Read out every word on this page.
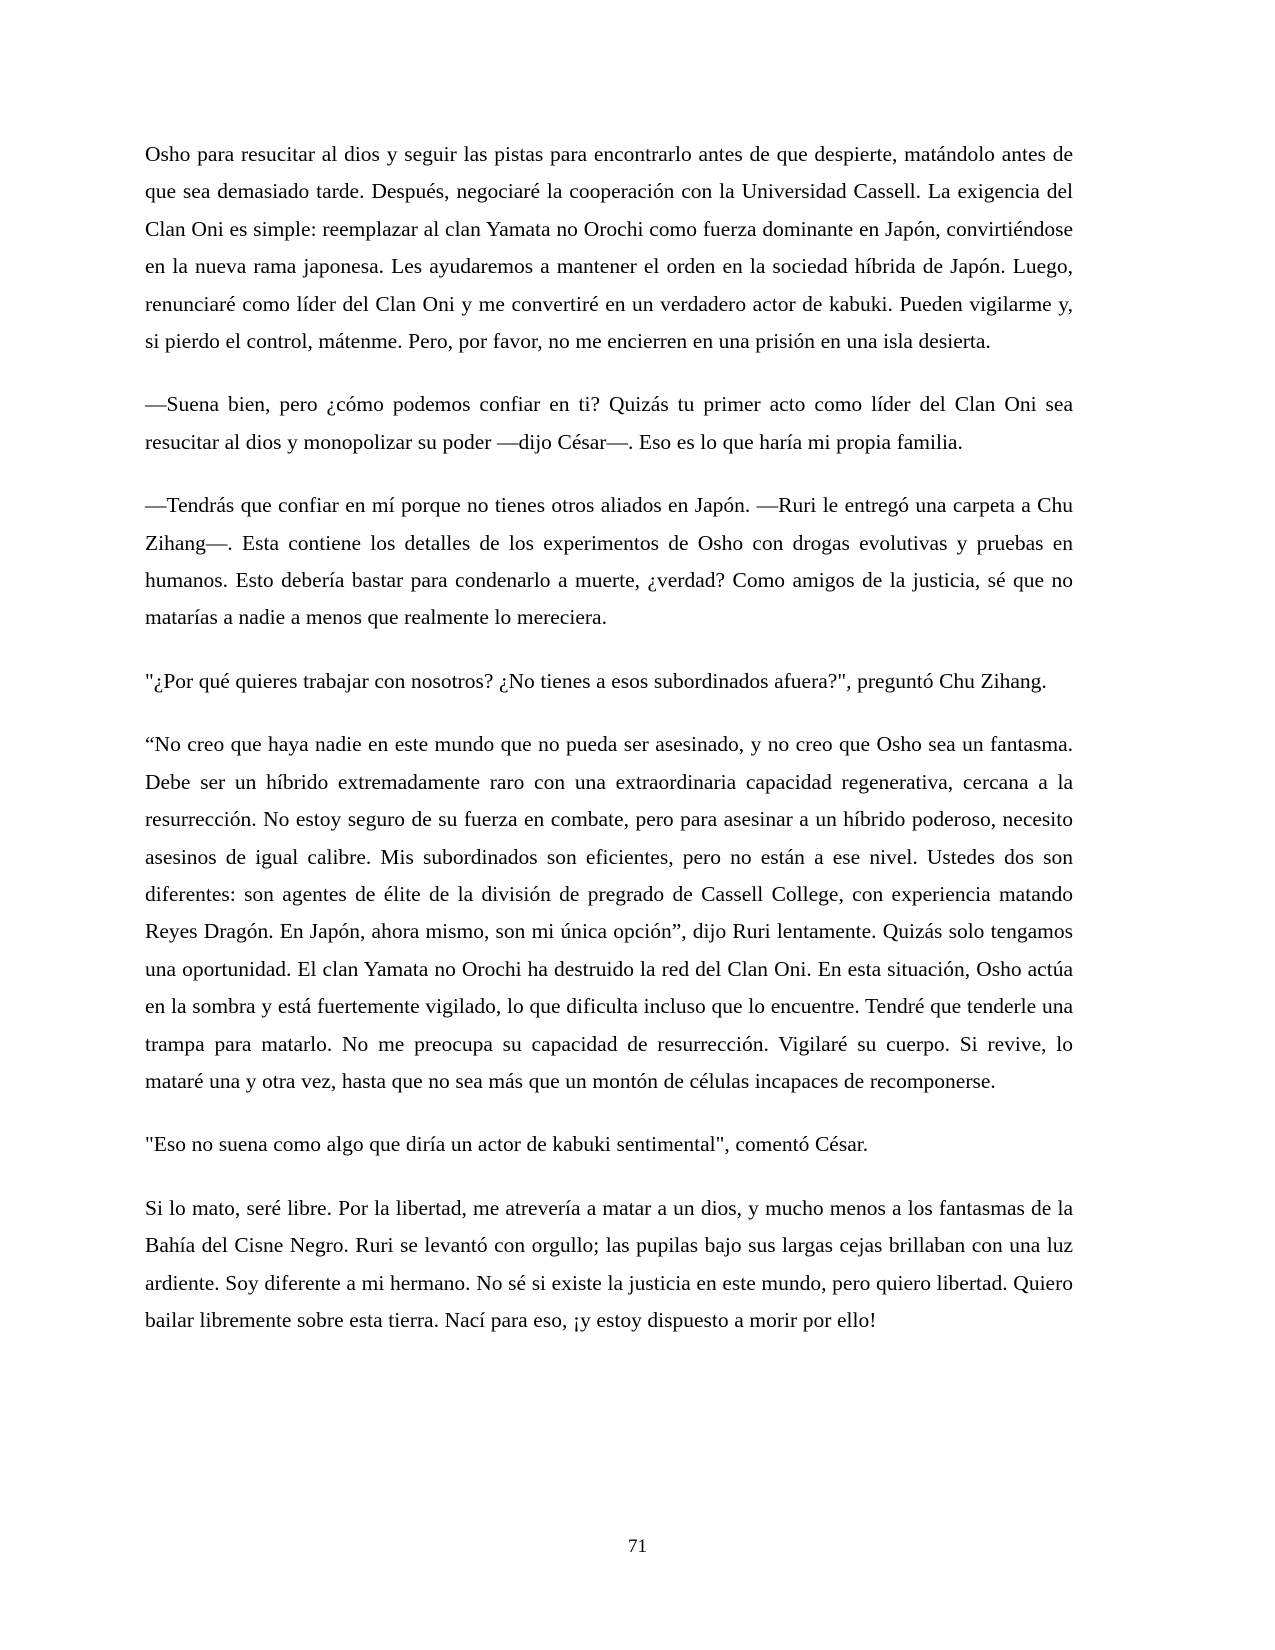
Osho para resucitar al dios y seguir las pistas para encontrarlo antes de que despierte, matándolo antes de que sea demasiado tarde. Después, negociaré la cooperación con la Universidad Cassell. La exigencia del Clan Oni es simple: reemplazar al clan Yamata no Orochi como fuerza dominante en Japón, convirtiéndose en la nueva rama japonesa. Les ayudaremos a mantener el orden en la sociedad híbrida de Japón. Luego, renunciaré como líder del Clan Oni y me convertiré en un verdadero actor de kabuki. Pueden vigilarme y, si pierdo el control, mátenme. Pero, por favor, no me encierren en una prisión en una isla desierta.

—Suena bien, pero ¿cómo podemos confiar en ti? Quizás tu primer acto como líder del Clan Oni sea resucitar al dios y monopolizar su poder —dijo César—. Eso es lo que haría mi propia familia.

—Tendrás que confiar en mí porque no tienes otros aliados en Japón. —Ruri le entregó una carpeta a Chu Zihang—. Esta contiene los detalles de los experimentos de Osho con drogas evolutivas y pruebas en humanos. Esto debería bastar para condenarlo a muerte, ¿verdad? Como amigos de la justicia, sé que no matarías a nadie a menos que realmente lo mereciera.

"¿Por qué quieres trabajar con nosotros? ¿No tienes a esos subordinados afuera?", preguntó Chu Zihang.

“No creo que haya nadie en este mundo que no pueda ser asesinado, y no creo que Osho sea un fantasma. Debe ser un híbrido extremadamente raro con una extraordinaria capacidad regenerativa, cercana a la resurrección. No estoy seguro de su fuerza en combate, pero para asesinar a un híbrido poderoso, necesito asesinos de igual calibre. Mis subordinados son eficientes, pero no están a ese nivel. Ustedes dos son diferentes: son agentes de élite de la división de pregrado de Cassell College, con experiencia matando Reyes Dragón. En Japón, ahora mismo, son mi única opción”, dijo Ruri lentamente. Quizás solo tengamos una oportunidad. El clan Yamata no Orochi ha destruido la red del Clan Oni. En esta situación, Osho actúa en la sombra y está fuertemente vigilado, lo que dificulta incluso que lo encuentre. Tendré que tenderle una trampa para matarlo. No me preocupa su capacidad de resurrección. Vigilaré su cuerpo. Si revive, lo mataré una y otra vez, hasta que no sea más que un montón de células incapaces de recomponerse.

"Eso no suena como algo que diría un actor de kabuki sentimental", comentó César.

Si lo mato, seré libre. Por la libertad, me atrevería a matar a un dios, y mucho menos a los fantasmas de la Bahía del Cisne Negro. Ruri se levantó con orgullo; las pupilas bajo sus largas cejas brillaban con una luz ardiente. Soy diferente a mi hermano. No sé si existe la justicia en este mundo, pero quiero libertad. Quiero bailar libremente sobre esta tierra. Nací para eso, ¡y estoy dispuesto a morir por ello!

71
